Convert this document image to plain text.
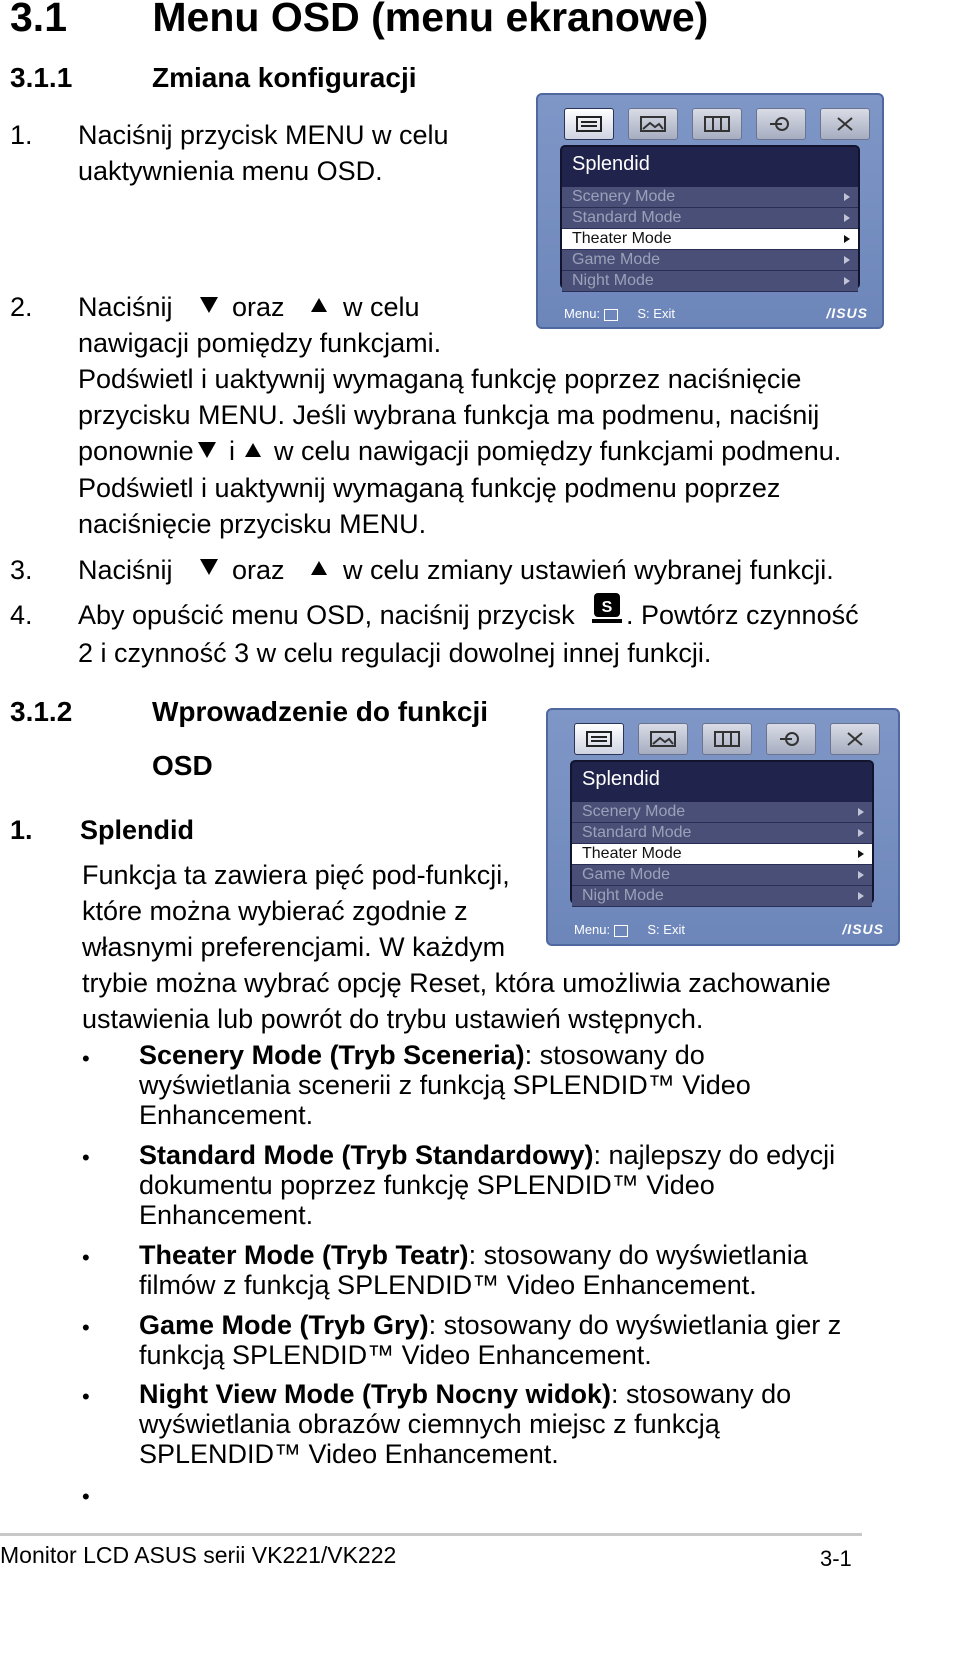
3.1 Menu OSD (menu ekranowe)
3.1.1	Zmiana konfiguracji
1. Naciśnij przycisk MENU w celu
uaktywnienia menu OSD.
2. Naciśnij oraz w celu
nawigacji pomiędzy funkcjami.
Podświetl i uaktywnij wymaganą funkcję poprzez naciśnięcie
przycisku MENU. Jeśli wybrana funkcja ma podmenu, naciśnij
ponownie i w celu nawigacji pomiędzy funkcjami podmenu.
Podświetl i uaktywnij wymaganą funkcję podmenu poprzez
naciśnięcie przycisku MENU.
3. Naciśnij oraz w celu zmiany ustawień wybranej funkcji.
4. Aby opuścić menu OSD, naciśnij przycisk S . Powtórz czynność
2 i czynność 3 w celu regulacji dowolnej innej funkcji.
Splendid
Scenery Mode
Standard Mode
Theater Mode
Game Mode
Night Mode
Menu:	S: Exit	/ISUS
3.1.2	Wprowadzenie do funkcji
OSD
1. Splendid
Funkcja ta zawiera pięć pod-funkcji,
które można wybierać zgodnie z
własnymi preferencjami. W każdym
trybie można wybrać opcję Reset, która umożliwia zachowanie
ustawienia lub powrót do trybu ustawień wstępnych.
Splendid
Scenery Mode
Standard Mode
Theater Mode
Game Mode
Night Mode
Menu:	S: Exit	/ISUS
• Scenery Mode (Tryb Sceneria): stosowany do
wyświetlania scenerii z funkcją SPLENDID™ Video
Enhancement.
• Standard Mode (Tryb Standardowy): najlepszy do edycji
dokumentu poprzez funkcję SPLENDID™ Video
Enhancement.
• Theater Mode (Tryb Teatr): stosowany do wyświetlania
filmów z funkcją SPLENDID™ Video Enhancement.
• Game Mode (Tryb Gry): stosowany do wyświetlania gier z
funkcją SPLENDID™ Video Enhancement.
• Night View Mode (Tryb Nocny widok): stosowany do
wyświetlania obrazów ciemnych miejsc z funkcją
SPLENDID™ Video Enhancement.
•
Monitor LCD ASUS serii VK221/VK222	3-1
